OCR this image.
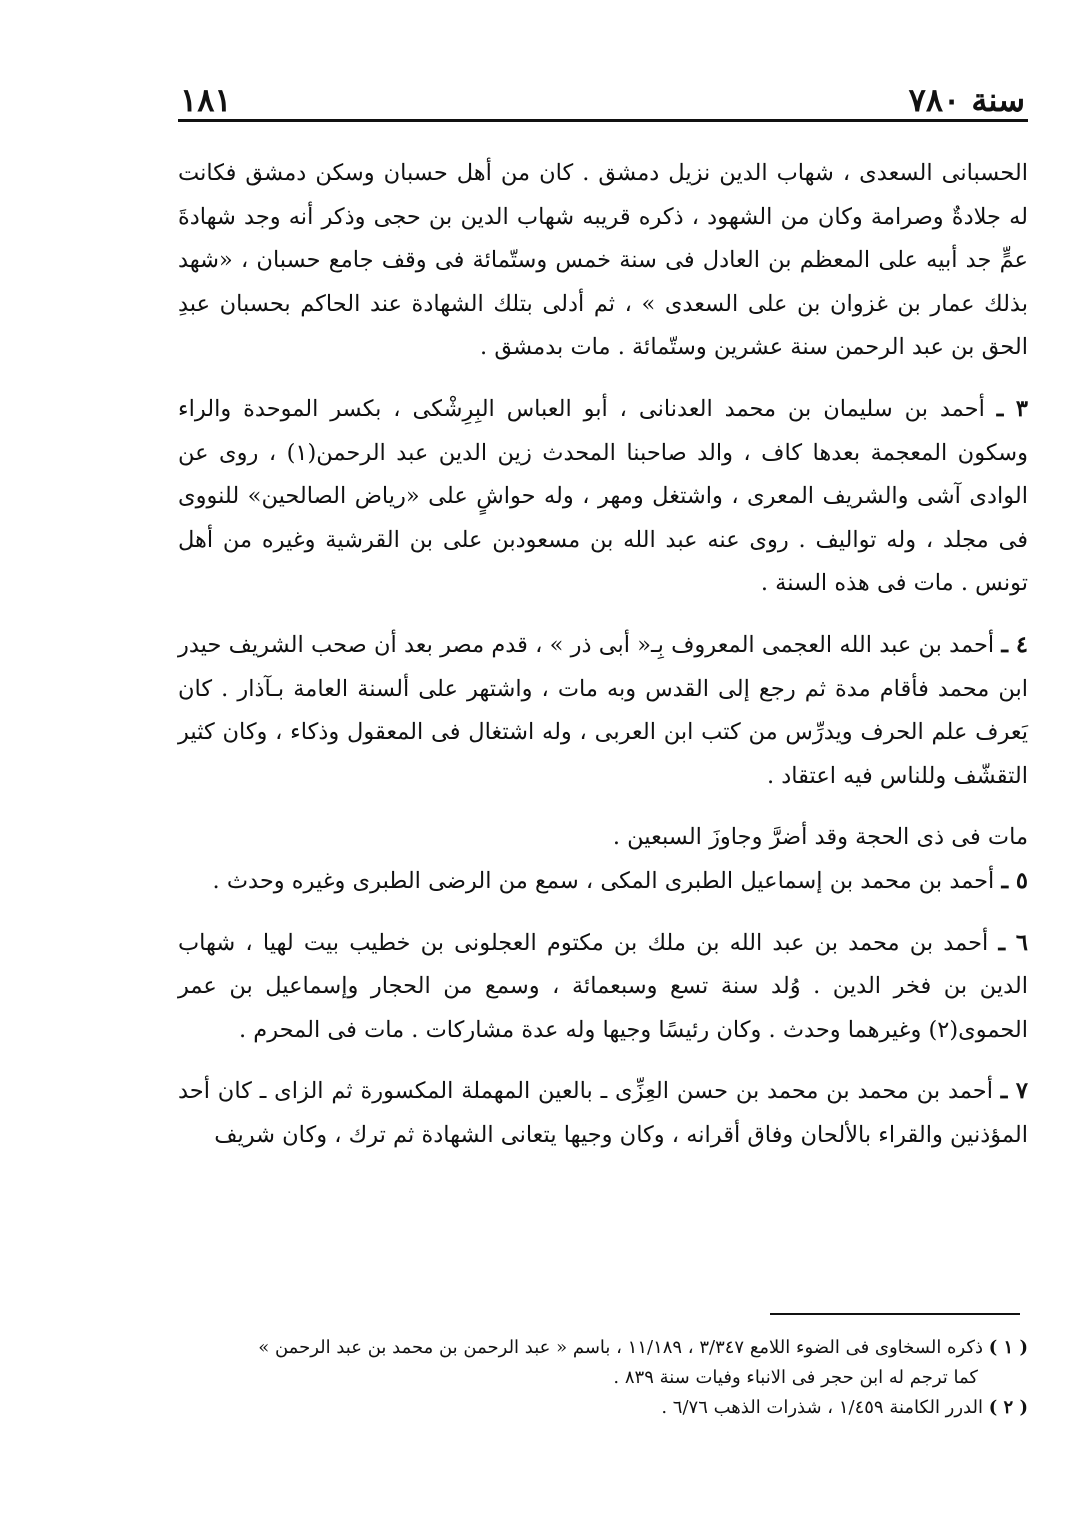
سنة ٧٨٠
١٨١

الحسبانى السعدى ، شهاب الدين نزيل دمشق . كان من أهل حسبان وسكن دمشق فكانت له جلادةٌ وصرامة وكان من الشهود ، ذكره قريبه شهاب الدين بن حجى وذكر أنه وجد شهادةَ عمٍّ جد أبيه على المعظم بن العادل فى سنة خمس وستّمائة فى وقف جامع حسبان ، «شهد بذلك عمار بن غزوان بن على السعدى » ، ثم أدلى بتلك الشهادة عند الحاكم بحسبان عبدِ الحق بن عبد الرحمن سنة عشرين وستّمائة . مات بدمشق .

٣ ـ أحمد بن سليمان بن محمد العدنانى ، أبو العباس البِرِشْكى ، بكسر الموحدة والراء وسكون المعجمة بعدها كاف ، والد صاحبنا المحدث زين الدين عبد الرحمن(١) ، روى عن الوادى آشى والشريف المعرى ، واشتغل ومهر ، وله حواشٍ على «رياض الصالحين» للنووى فى مجلد ، وله تواليف . روى عنه عبد الله بن مسعودبن على بن القرشية وغيره من أهل تونس . مات فى هذه السنة .

٤ ـ أحمد بن عبد الله العجمى المعروف بِـ« أبى ذر » ، قدم مصر بعد أن صحب الشريف حيدر ابن محمد فأقام مدة ثم رجع إلى القدس وبه مات ، واشتهر على ألسنة العامة بـآذار . كان يَعرف علم الحرف ويدرِّس من كتب ابن العربى ، وله اشتغال فى المعقول وذكاء ، وكان كثير التقشّف وللناس فيه اعتقاد .

مات فى ذى الحجة وقد أضرَّ وجاوزَ السبعين .

٥ ـ أحمد بن محمد بن إسماعيل الطبرى المكى ، سمع من الرضى الطبرى وغيره وحدث .

٦ ـ أحمد بن محمد بن عبد الله بن ملك بن مكتوم العجلونى بن خطيب بيت لهيا ، شهاب الدين بن فخر الدين . وُلد سنة تسع وسبعمائة ، وسمع من الحجار وإسماعيل بن عمر الحموى(٢) وغيرهما وحدث . وكان رئيسًا وجيها وله عدة مشاركات . مات فى المحرم .

٧ ـ أحمد بن محمد بن محمد بن حسن العِزِّى ـ بالعين المهملة المكسورة ثم الزاى ـ كان أحد المؤذنين والقراء بالألحان وفاق أقرانه ، وكان وجيها يتعانى الشهادة ثم ترك ، وكان شريف

( ١ ) ذكره السخاوى فى الضوء اللامع ٣/٣٤٧ ، ١١/١٨٩ ، باسم « عبد الرحمن بن محمد بن عبد الرحمن »

كما ترجم له ابن حجر فى الانباء وفيات سنة ٨٣٩ .

( ٢ ) الدرر الكامنة ١/٤٥٩ ، شذرات الذهب ٦/٧٦ .
